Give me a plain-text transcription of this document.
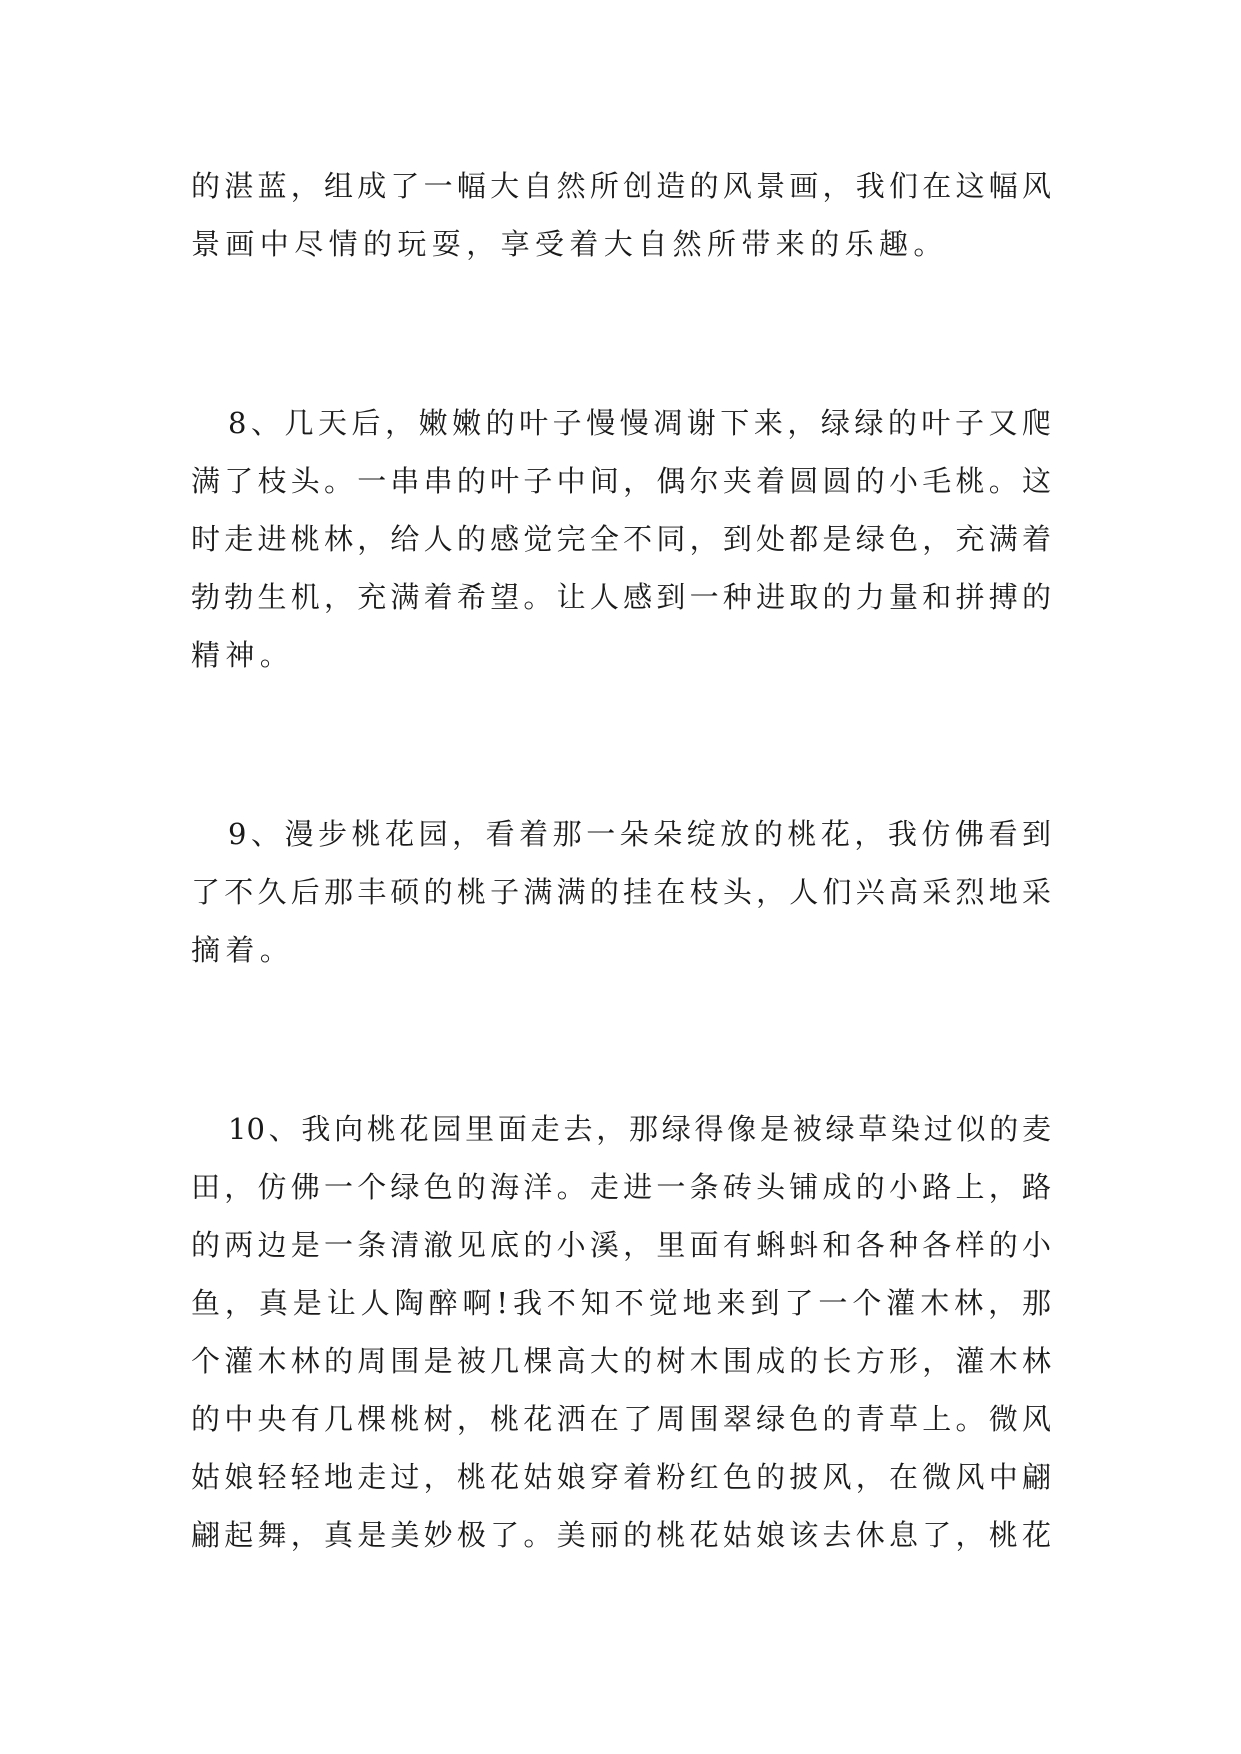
的湛蓝，组成了一幅大自然所创造的风景画，我们在这幅风

景画中尽情的玩耍，享受着大自然所带来的乐趣。

8、几天后，嫩嫩的叶子慢慢凋谢下来，绿绿的叶子又爬

满了枝头。一串串的叶子中间，偶尔夹着圆圆的小毛桃。这

时走进桃林，给人的感觉完全不同，到处都是绿色，充满着

勃勃生机，充满着希望。让人感到一种进取的力量和拼搏的

精神。

9、漫步桃花园，看着那一朵朵绽放的桃花，我仿佛看到

了不久后那丰硕的桃子满满的挂在枝头，人们兴高采烈地采

摘着。

10、我向桃花园里面走去，那绿得像是被绿草染过似的麦

田，仿佛一个绿色的海洋。走进一条砖头铺成的小路上，路

的两边是一条清澈见底的小溪，里面有蝌蚪和各种各样的小

鱼，真是让人陶醉啊!我不知不觉地来到了一个灌木林，那

个灌木林的周围是被几棵高大的树木围成的长方形，灌木林

的中央有几棵桃树，桃花洒在了周围翠绿色的青草上。微风

姑娘轻轻地走过，桃花姑娘穿着粉红色的披风，在微风中翩

翩起舞，真是美妙极了。美丽的桃花姑娘该去休息了，桃花
